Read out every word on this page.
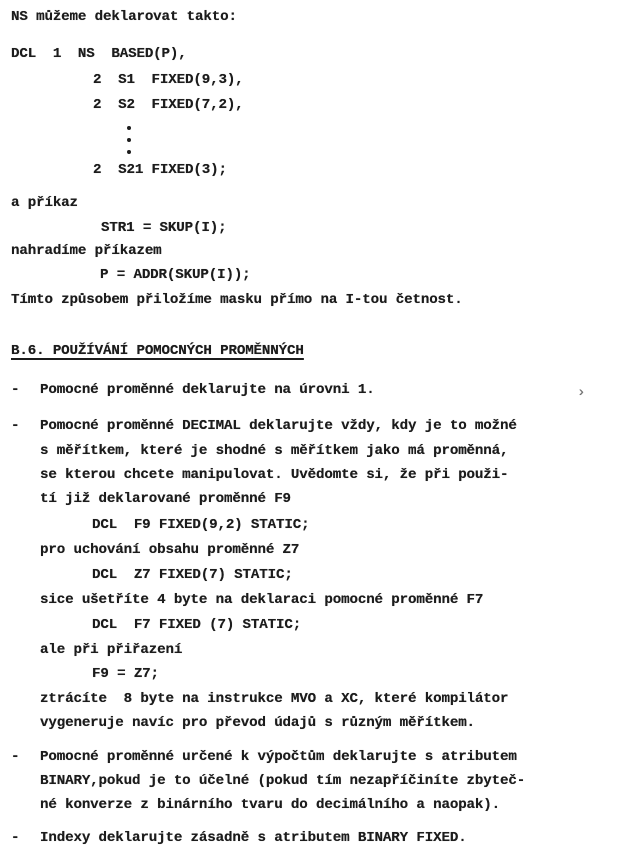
NS můžeme deklarovat takto:
DCL  1  NS  BASED(P),
2  S1  FIXED(9,3),
2  S2  FIXED(7,2),
2  S21 FIXED(3);
a příkaz
STR1 = SKUP(I);
nahradíme příkazem
P = ADDR(SKUP(I));
Tímto způsobem přiložíme masku přímo na I-tou četnost.
B.6. POUŽÍVÁNÍ POMOCNÝCH PROMĚNNÝCH
- Pomocné proměnné deklarujte na úrovni 1.	›
- Pomocné proměnné DECIMAL deklarujte vždy, kdy je to možné
s měřítkem, které je shodné s měřítkem jako má proměnná,
se kterou chcete manipulovat. Uvědomte si, že při použi-
tí již deklarované proměnné F9
DCL  F9 FIXED(9,2) STATIC;
pro uchování obsahu proměnné Z7
DCL  Z7 FIXED(7) STATIC;
sice ušetříte 4 byte na deklaraci pomocné proměnné F7
DCL  F7 FIXED (7) STATIC;
ale při přiřazení
F9 = Z7;
ztrácíte  8 byte na instrukce MVO a XC, které kompilátor
vygeneruje navíc pro převod údajů s různým měřítkem.
- Pomocné proměnné určené k výpočtům deklarujte s atributem
BINARY,pokud je to účelné (pokud tím nezapříčiníte zbyteč-
né konverze z binárního tvaru do decimálního a naopak).
- Indexy deklarujte zásadně s atributem BINARY FIXED.
